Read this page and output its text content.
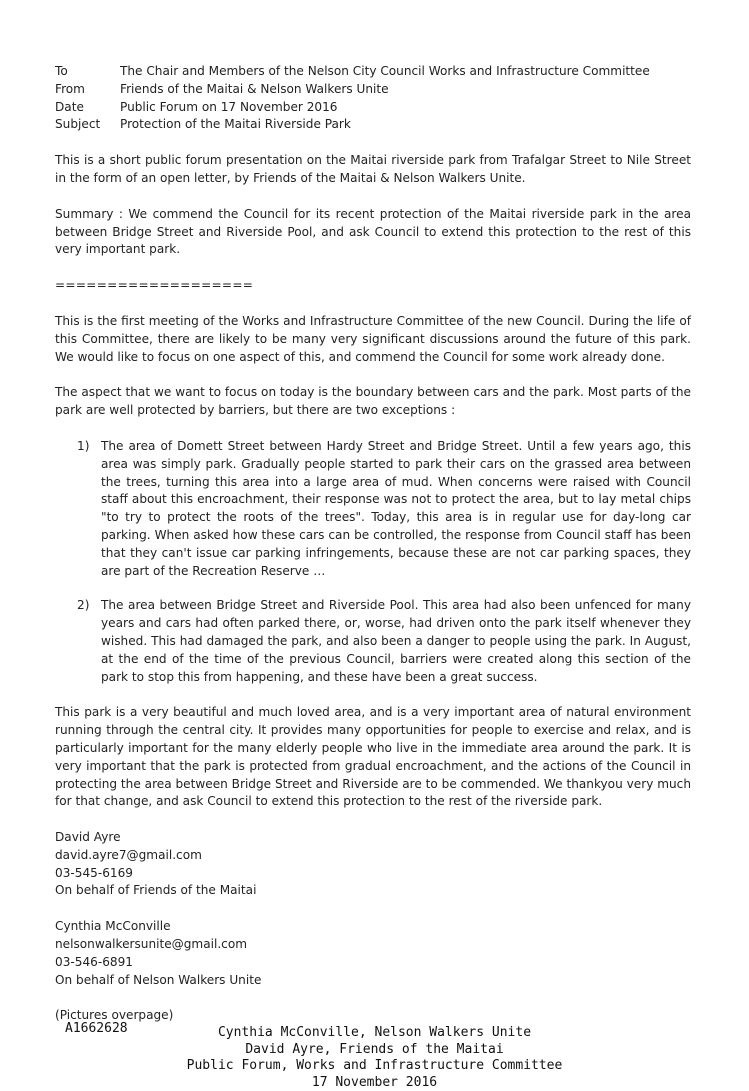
To	The Chair and Members of the Nelson City Council Works and Infrastructure Committee
From	Friends of the Maitai & Nelson Walkers Unite
Date	Public Forum on 17 November 2016
Subject	Protection of the Maitai Riverside Park

This is a short public forum presentation on the Maitai riverside park from Trafalgar Street to Nile Street in the form of an open letter, by Friends of the Maitai & Nelson Walkers Unite.

Summary : We commend the Council for its recent protection of the Maitai riverside park in the area between Bridge Street and Riverside Pool, and ask Council to extend this protection to the rest of this very important park.

===================

This is the first meeting of the Works and Infrastructure Committee of the new Council. During the life of this Committee, there are likely to be many very significant discussions around the future of this park. We would like to focus on one aspect of this, and commend the Council for some work already done.

The aspect that we want to focus on today is the boundary between cars and the park. Most parts of the park are well protected by barriers, but there are two exceptions :

1) The area of Domett Street between Hardy Street and Bridge Street. Until a few years ago, this area was simply park. Gradually people started to park their cars on the grassed area between the trees, turning this area into a large area of mud. When concerns were raised with Council staff about this encroachment, their response was not to protect the area, but to lay metal chips "to try to protect the roots of the trees". Today, this area is in regular use for day-long car parking. When asked how these cars can be controlled, the response from Council staff has been that they can't issue car parking infringements, because these are not car parking spaces, they are part of the Recreation Reserve …
2) The area between Bridge Street and Riverside Pool. This area had also been unfenced for many years and cars had often parked there, or, worse, had driven onto the park itself whenever they wished. This had damaged the park, and also been a danger to people using the park. In August, at the end of the time of the previous Council, barriers were created along this section of the park to stop this from happening, and these have been a great success.

This park is a very beautiful and much loved area, and is a very important area of natural environment running through the central city. It provides many opportunities for people to exercise and relax, and is particularly important for the many elderly people who live in the immediate area around the park. It is very important that the park is protected from gradual encroachment, and the actions of the Council in protecting the area between Bridge Street and Riverside are to be commended. We thankyou very much for that change, and ask Council to extend this protection to the rest of the riverside park.

David Ayre
david.ayre7@gmail.com
03-545-6169
On behalf of Friends of the Maitai
Cynthia McConville
nelsonwalkersunite@gmail.com
03-546-6891
On behalf of Nelson Walkers Unite
(Pictures overpage)
A1662628	Cynthia McConville, Nelson Walkers Unite
David Ayre, Friends of the Maitai
Public Forum, Works and Infrastructure Committee
17 November 2016
